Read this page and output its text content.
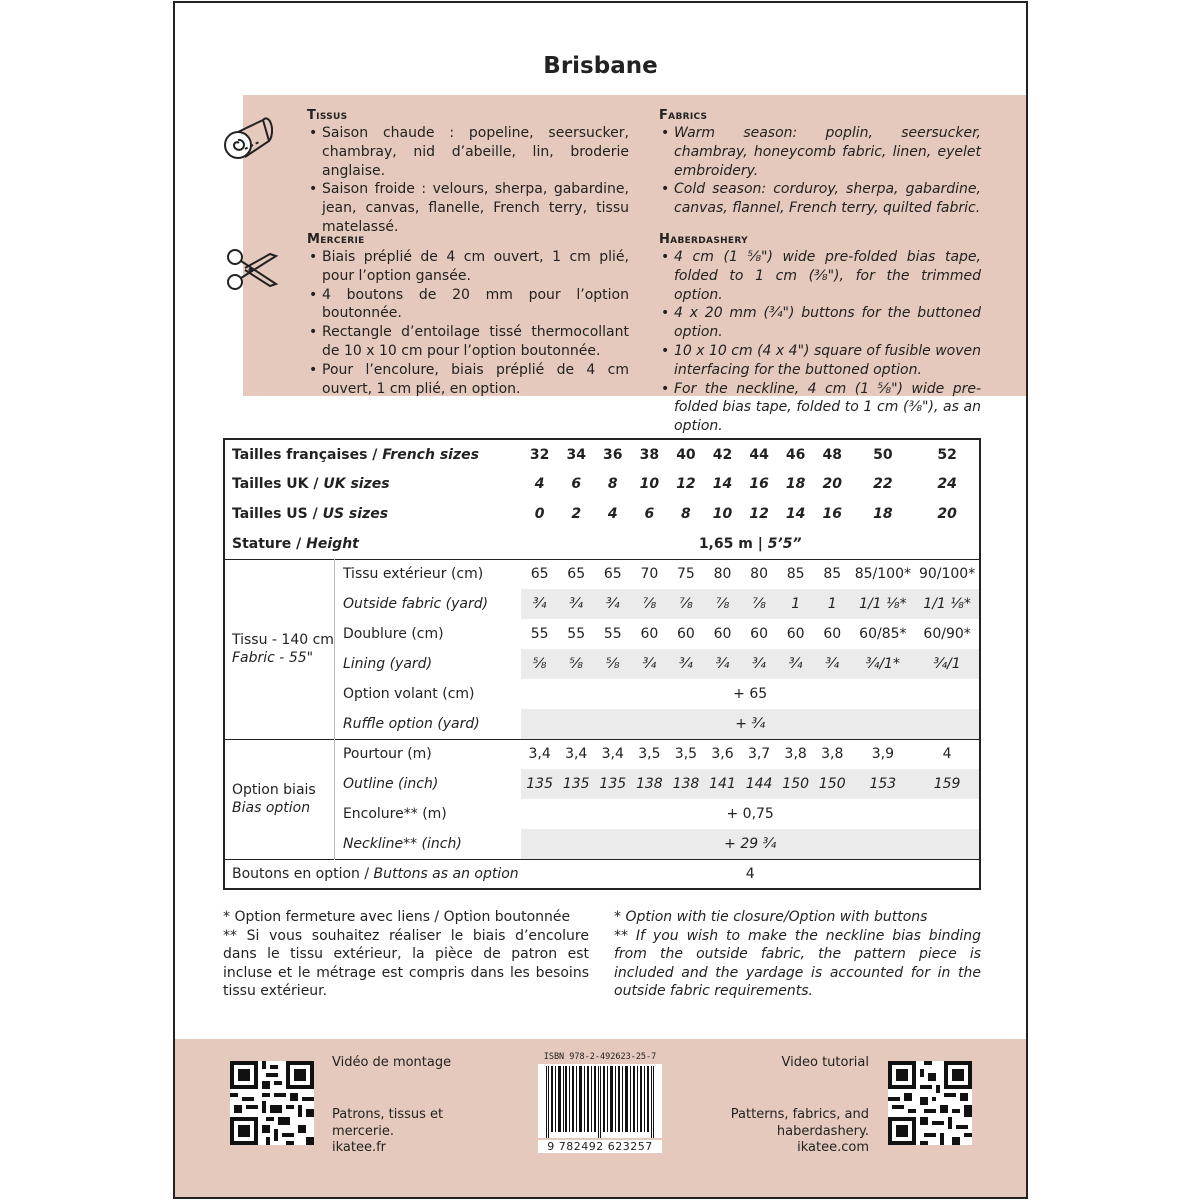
Brisbane
Tissus
• Saison chaude : popeline, seersucker, chambray, nid d’abeille, lin, broderie anglaise.
• Saison froide : velours, sherpa, gabardine, jean, canvas, flanelle, French terry, tissu matelassé.
Fabrics
• Warm season: poplin, seersucker, chambray, honeycomb fabric, linen, eyelet embroidery.
• Cold season: corduroy, sherpa, gabardine, canvas, flannel, French terry, quilted fabric.
Mercerie
• Biais préplié de 4 cm ouvert, 1 cm plié, pour l’option gansée.
• 4 boutons de 20 mm pour l’option boutonnée.
• Rectangle d’entoilage tissé thermocollant de 10 x 10 cm pour l’option boutonnée.
• Pour l’encolure, biais préplié de 4 cm ouvert, 1 cm plié, en option.
Haberdashery
• 4 cm (1 ⅝") wide pre-folded bias tape, folded to 1 cm (⅜"), for the trimmed option.
• 4 x 20 mm (¾") buttons for the buttoned option.
• 10 x 10 cm (4 x 4") square of fusible woven interfacing for the buttoned option.
• For the neckline, 4 cm (1 ⅝") wide pre-folded bias tape, folded to 1 cm (⅜"), as an option.
Tailles françaises / French sizes		32	34	36	38	40	42	44	46	48	50	52
Tailles UK / UK sizes		4	6	8	10	12	14	16	18	20	22	24
Tailles US / US sizes		0	2	4	6	8	10	12	14	16	18	20
Stature / Height		1,65 m | 5’5”										

Tissu - 140 cm
Fabric - 55"	Tissu extérieur (cm)	65	65	65	70	75	80	80	85	85	85/100*	90/100*
	Outside fabric (yard)	¾	¾	¾	⅞	⅞	⅞	⅞	1	1	1/1 ⅛*	1/1 ⅛*
	Doublure (cm)	55	55	55	60	60	60	60	60	60	60/85*	60/90*
	Lining (yard)	⅝	⅝	⅝	¾	¾	¾	¾	¾	¾	¾/1*	¾/1
	Option volant (cm)	+ 65										
	Ruffle option (yard)	+ ¾										

Option biais
Bias option	Pourtour (m)	3,4	3,4	3,4	3,5	3,5	3,6	3,7	3,8	3,8	3,9	4
	Outline (inch)	135	135	135	138	138	141	144	150	150	153	159
	Encolure** (m)	+ 0,75										
	Neckline** (inch)	+ 29 ¾										
Boutons en option / Buttons as an option		4										
* Option fermeture avec liens / Option boutonnée
** Si vous souhaitez réaliser le biais d’encolure dans le tissu extérieur, la pièce de patron est incluse et le métrage est compris dans les besoins tissu extérieur.
* Option with tie closure/Option with buttons
** If you wish to make the neckline bias binding from the outside fabric, the pattern piece is included and the yardage is accounted for in the outside fabric requirements.
Vidéo de montage
Patrons, tissus et
mercerie.
ikatee.fr
ISBN 978-2-492623-25-7
9 782492 623257
Video tutorial
Patterns, fabrics, and
haberdashery.
ikatee.com
